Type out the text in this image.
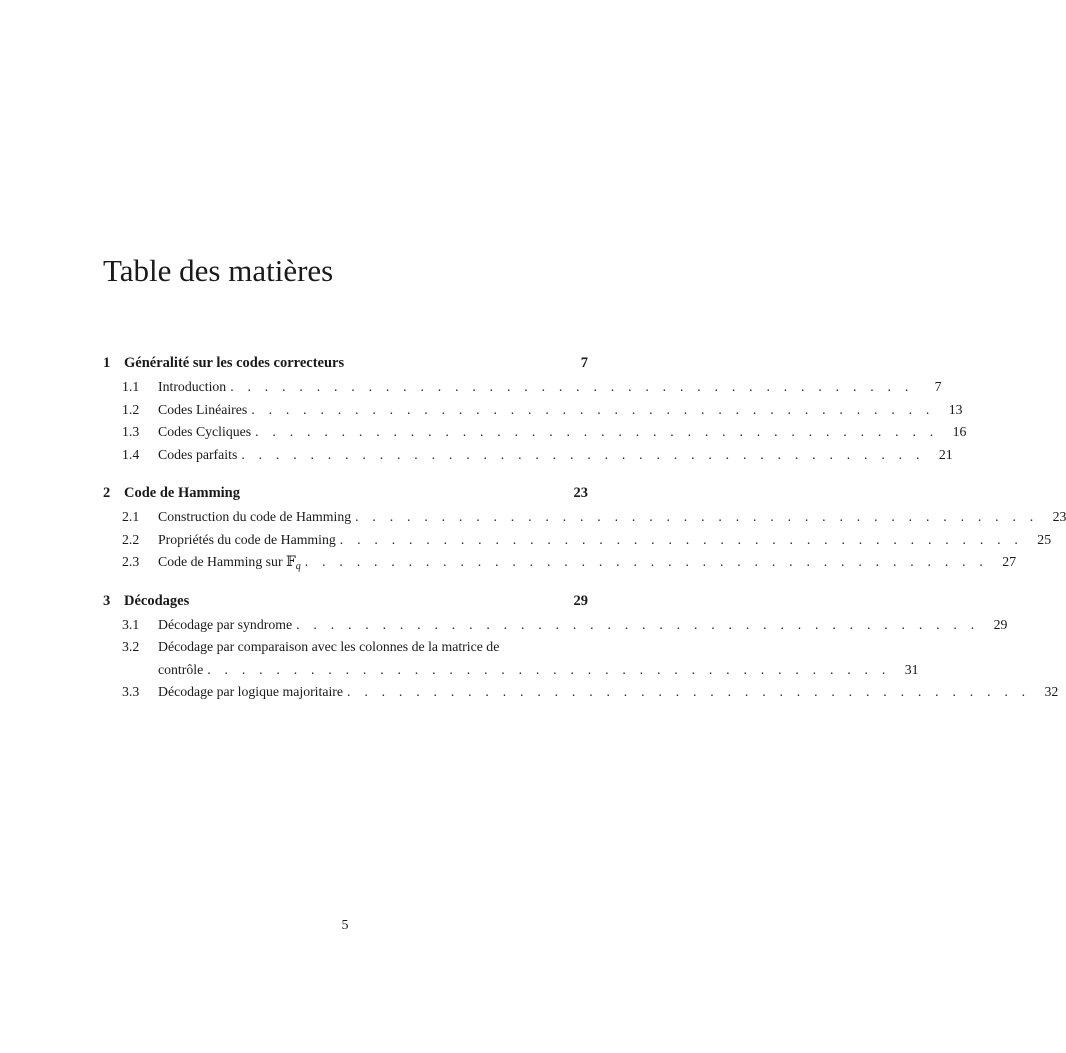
Table des matières
1 Généralité sur les codes correcteurs	7
1.1	Introduction . . . . . . . . . . . . . . . . . . . . . . . . . . . . . . . . . . . . . . . .	7
1.2	Codes Linéaires . . . . . . . . . . . . . . . . . . . . . . . . . . . . . . . . . . . . . . . .	13
1.3	Codes Cycliques . . . . . . . . . . . . . . . . . . . . . . . . . . . . . . . . . . . . . . . .	16
1.4	Codes parfaits . . . . . . . . . . . . . . . . . . . . . . . . . . . . . . . . . . . . . . . .	21
2 Code de Hamming	23
2.1	Construction du code de Hamming . . . . . . . . . . . . . . . . . . . . . . . . . . . . . . . . . . . . . . . .	23
2.2	Propriétés du code de Hamming . . . . . . . . . . . . . . . . . . . . . . . . . . . . . . . . . . . . . . . .	25
2.3	Code de Hamming sur 𝔽$_q$ . . . . . . . . . . . . . . . . . . . . . . . . . . . . . . . . . . . . . . . .	27
3 Décodages	29
3.1	Décodage par syndrome . . . . . . . . . . . . . . . . . . . . . . . . . . . . . . . . . . . . . . . .	29
3.2 Décodage par comparaison avec les colonnes de la matrice de
contrôle . . . . . . . . . . . . . . . . . . . . . . . . . . . . . . . . . . . . . . . .	31
3.3	Décodage par logique majoritaire . . . . . . . . . . . . . . . . . . . . . . . . . . . . . . . . . . . . . . . .	32
5
